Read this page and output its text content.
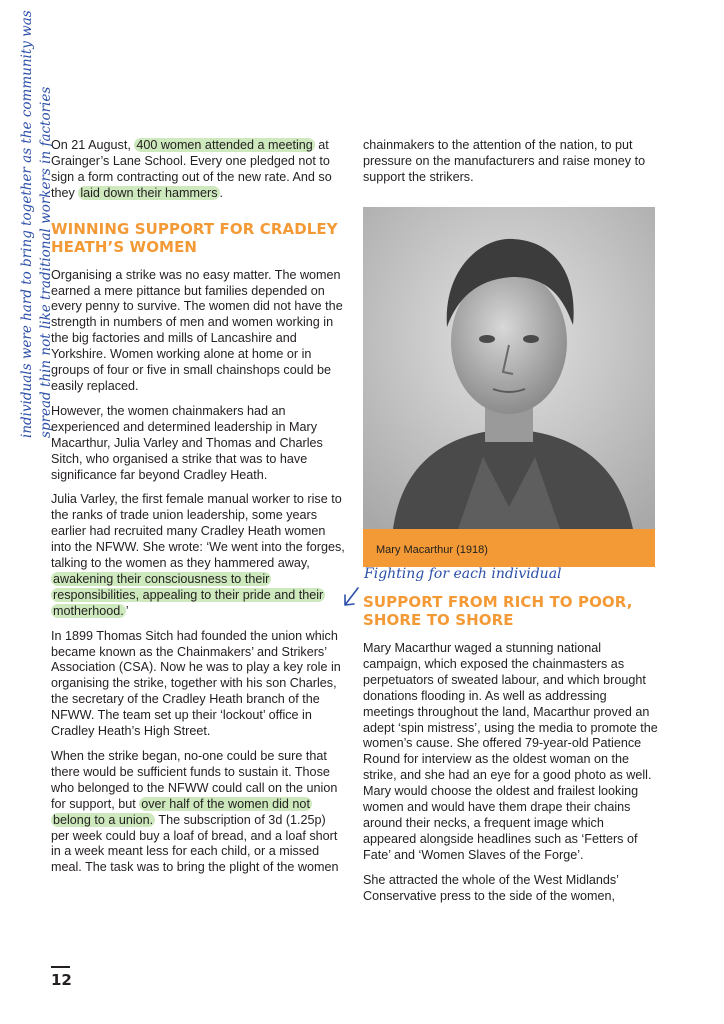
individuals were hard to bring together as the community was spread thin not like traditional workers in factories

On 21 August, 400 women attended a meeting at Grainger’s Lane School. Every one pledged not to sign a form contracting out of the new rate. And so they laid down their hammers .

WINNING SUPPORT FOR CRADLEY HEATH’S WOMEN

Organising a strike was no easy matter. The women earned a mere pittance but families depended on every penny to survive. The women did not have the strength in numbers of men and women working in the big factories and mills of Lancashire and Yorkshire. Women working alone at home or in groups of four or five in small chainshops could be easily replaced.

However, the women chainmakers had an experienced and determined leadership in Mary Macarthur, Julia Varley and Thomas and Charles Sitch, who organised a strike that was to have significance far beyond Cradley Heath.

Julia Varley, the first female manual worker to rise to the ranks of trade union leadership, some years earlier had recruited many Cradley Heath women into the NFWW. She wrote: ‘We went into the forges, talking to the women as they hammered away, awakening their consciousness to their responsibilities, appealing to their pride and their motherhood. ’

In 1899 Thomas Sitch had founded the union which became known as the Chainmakers’ and Strikers’ Association (CSA). Now he was to play a key role in organising the strike, together with his son Charles, the secretary of the Cradley Heath branch of the NFWW. The team set up their ‘lockout’ office in Cradley Heath’s High Street.

When the strike began, no-one could be sure that there would be sufficient funds to sustain it. Those who belonged to the NFWW could call on the union for support, but over half of the women did not belong to a union. The subscription of 3d (1.25p) per week could buy a loaf of bread, and a loaf short in a week meant less for each child, or a missed meal. The task was to bring the plight of the women

chainmakers to the attention of the nation, to put pressure on the manufacturers and raise money to support the strikers.

Mary Macarthur (1918)
Fighting for each individual
SUPPORT FROM RICH TO POOR, SHORE TO SHORE

Mary Macarthur waged a stunning national campaign, which exposed the chainmasters as perpetuators of sweated labour, and which brought donations flooding in. As well as addressing meetings throughout the land, Macarthur proved an adept ‘spin mistress’, using the media to promote the women’s cause. She offered 79-year-old Patience Round for interview as the oldest woman on the strike, and she had an eye for a good photo as well. Mary would choose the oldest and frailest looking women and would have them drape their chains around their necks, a frequent image which appeared alongside headlines such as ‘Fetters of Fate’ and ‘Women Slaves of the Forge’.

She attracted the whole of the West Midlands’ Conservative press to the side of the women,

12
